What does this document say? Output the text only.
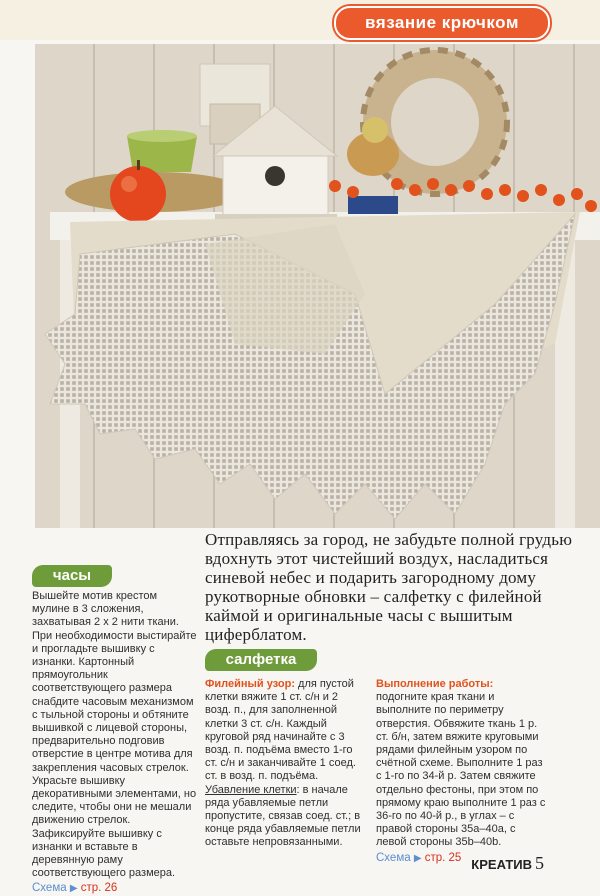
вязание крючком
Отправляясь за город, не забудьте полной грудью вдохнуть этот чистейший воздух, насладиться синевой небес и подарить загородному дому рукотворные обновки – салфетку с филейной каймой и оригинальные часы с вышитым циферблатом.
часы
Вышейте мотив крестом мулине в 3 сложения, захватывая 2 х 2 нити ткани. При необходимости выстирайте и прогладьте вышивку с изнанки. Картонный прямоугольник соответствующего размера снабдите часовым механизмом с тыльной стороны и обтяните вышивкой с лицевой стороны, предварительно подговив отверстие в центре мотива для закрепления часовых стрелок. Украсьте вышивку декоративными элементами, но следите, чтобы они не мешали движению стрелок. Зафиксируйте вышивку с изнанки и вставьте в деревянную раму соответствующего размера.
Схема ▶ стр. 26
салфетка
Филейный узор: для пустой клетки вяжите 1 ст. с/н и 2 возд. п., для заполненной клетки 3 ст. с/н. Каждый круговой ряд начинайте с 3 возд. п. подъёма вместо 1-го ст. с/н и заканчивайте 1 соед. ст. в возд. п. подъёма. Убавление клетки: в начале ряда убавляемые петли пропустите, связав соед. ст.; в конце ряда убавляемые петли оставьте непровязанными.
Выполнение работы: подогните края ткани и выполните по периметру отверстия. Обвяжите ткань 1 р. ст. б/н, затем вяжите круговыми рядами филейным узором по счётной схеме. Выполните 1 раз с 1-го по 34-й р. Затем свяжите отдельно фестоны, при этом по прямому краю выполните 1 раз с 36-го по 40-й р., в углах – с правой стороны 35а–40а, с левой стороны 35b–40b.
Схема ▶ стр. 25 КРЕАТИВ 5
